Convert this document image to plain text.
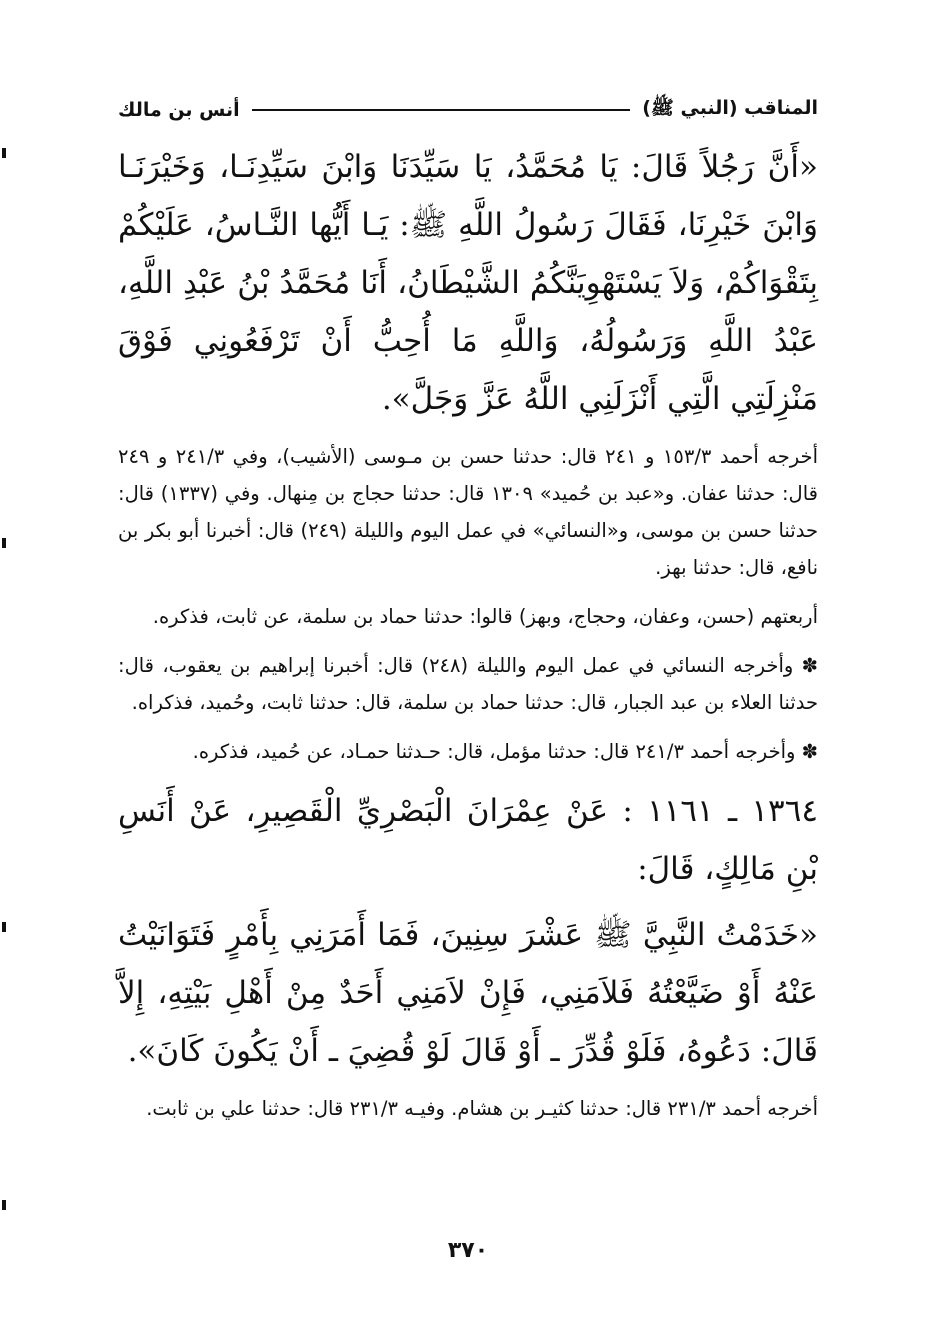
المناقب (النبي ﷺ)
أنس بن مالك

«أَنَّ رَجُلاً قَالَ: يَا مُحَمَّدُ، يَا سَيِّدَنَا وَابْنَ سَيِّدِنَـا، وَخَيْرَنَـا وَابْنَ خَيْرِنَا، فَقَالَ رَسُولُ اللَّهِ ﷺ: يَـا أَيُّها النَّـاسُ، عَلَيْكُمْ بِتَقْوَاكُمْ، وَلاَ يَسْتَهْوِيَنَّكُمُ الشَّيْطَانُ، أَنَا مُحَمَّدُ بْنُ عَبْدِ اللَّهِ، عَبْدُ اللَّهِ وَرَسُولُهُ، وَاللَّهِ مَا أُحِبُّ أَنْ تَرْفَعُونِي فَوْقَ مَنْزِلَتِي الَّتِي أَنْزَلَنِي اللَّهُ عَزَّ وَجَلَّ».

أخرجه أحمد ١٥٣/٣ و ٢٤١ قال: حدثنا حسن بن مـوسى (الأشيب)، وفي ٢٤١/٣ و ٢٤٩ قال: حدثنا عفان. و«عبد بن حُميد» ١٣٠٩ قال: حدثنا حجاج بن مِنهال. وفي (١٣٣٧) قال: حدثنا حسن بن موسى، و«النسائي» في عمل اليوم والليلة (٢٤٩) قال: أخبرنا أبو بكر بن نافع، قال: حدثنا بهز.

أربعتهم (حسن، وعفان، وحجاج، وبهز) قالوا: حدثنا حماد بن سلمة، عن ثابت، فذكره.

✽ وأخرجه النسائي في عمل اليوم والليلة (٢٤٨) قال: أخبرنا إبراهيم بن يعقوب، قال: حدثنا العلاء بن عبد الجبار، قال: حدثنا حماد بن سلمة، قال: حدثنا ثابت، وحُميد، فذكراه.

✽ وأخرجه أحمد ٢٤١/٣ قال: حدثنا مؤمل، قال: حـدثنا حمـاد، عن حُميد، فذكره.

١٣٦٤ ـ ١١٦١ : عَنْ عِمْرَانَ الْبَصْرِيِّ الْقَصِيرِ، عَنْ أَنَسِ بْنِ مَالِكٍ، قَالَ:

«خَدَمْتُ النَّبِيَّ ﷺ عَشْرَ سِنِينَ، فَمَا أَمَرَنِي بِأَمْرٍ فَتَوَانَيْتُ عَنْهُ أَوْ ضَيَّعْتُهُ فَلاَمَنِي، فَإِنْ لاَمَنِي أَحَدٌ مِنْ أَهْلِ بَيْتِهِ، إِلاَّ قَالَ: دَعُوهُ، فَلَوْ قُدِّرَ ـ أَوْ قَالَ لَوْ قُضِيَ ـ أَنْ يَكُونَ كَانَ».

أخرجه أحمد ٢٣١/٣ قال: حدثنا كثيـر بن هشام. وفيـه ٢٣١/٣ قال: حدثنا علي بن ثابت.

٣٧٠
